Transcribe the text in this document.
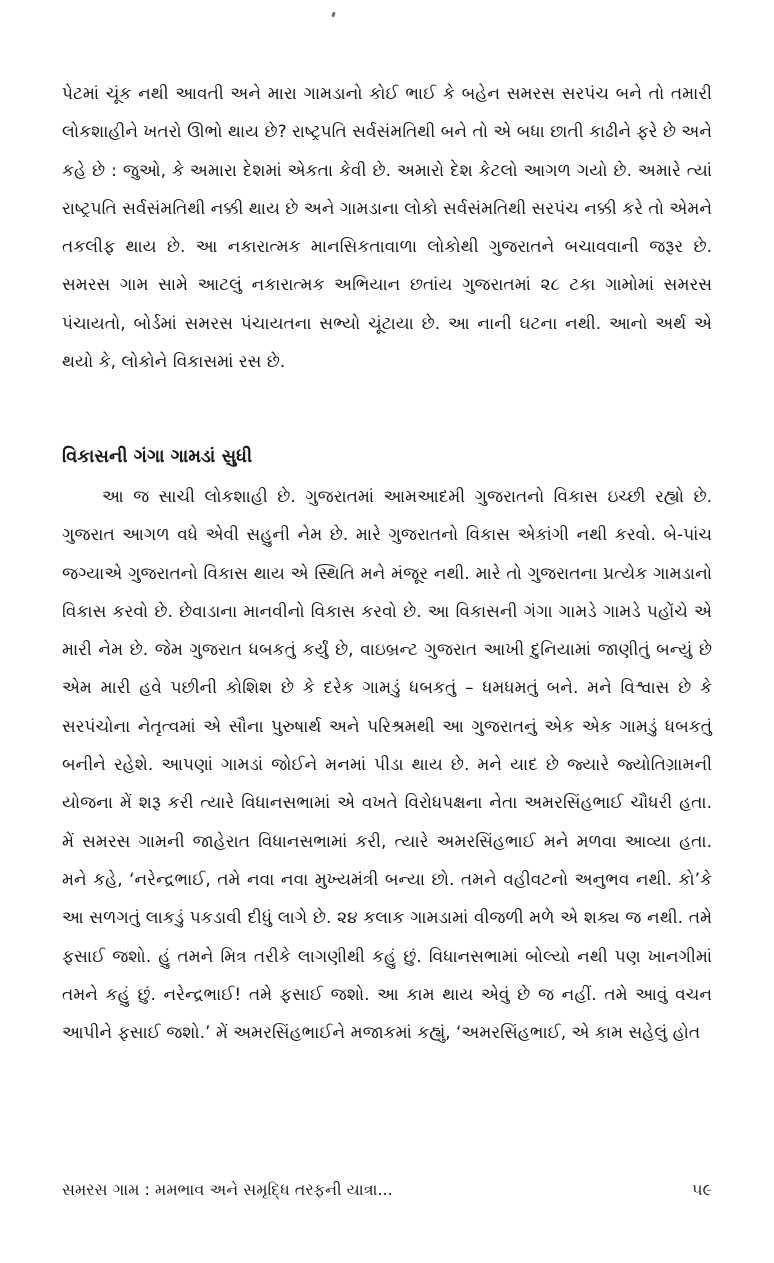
પેટમાં ચૂંક નથી આવતી અને મારા ગામડાનો કોઈ ભાઈ કે બહેન સમરસ સરપંચ બને તો તમારી લોકશાહીને ખતરો ઊભો થાય છે? રાષ્ટ્રપતિ સર્વસંમતિથી બને તો એ બધા છાતી કાઢીને ફરે છે અને કહે છે : જુઓ, કે અમારા દેશમાં એકતા કેવી છે. અમારો દેશ કેટલો આગળ ગયો છે. અમારે ત્યાં રાષ્ટ્રપતિ સર્વસંમતિથી નક્કી થાય છે અને ગામડાના લોકો સર્વસંમતિથી સરપંચ નક્કી કરે તો એમને તકલીફ થાય છે. આ નકારાત્મક માનસિકતાવાળા લોકોથી ગુજરાતને બચાવવાની જરૂર છે. સમરસ ગામ સામે આટલું નકારાત્મક અભિયાન છતાંય ગુજરાતમાં ૨૮ ટકા ગામોમાં સમરસ પંચાયતો, બોર્ડમાં સમરસ પંચાયતના સભ્યો ચૂંટાયા છે. આ નાની ઘટના નથી. આનો અર્થ એ થયો કે, લોકોને વિકાસમાં રસ છે.

વિકાસની ગંગા ગામડાં સુધી

આ જ સાચી લોકશાહી છે. ગુજરાતમાં આમઆદમી ગુજરાતનો વિકાસ ઇચ્છી રહ્યો છે. ગુજરાત આગળ વધે એવી સહુની નેમ છે. મારે ગુજરાતનો વિકાસ એકાંગી નથી કરવો. બે-પાંચ જગ્યાએ ગુજરાતનો વિકાસ થાય એ સ્થિતિ મને મંજૂર નથી. મારે તો ગુજરાતના પ્રત્યેક ગામડાનો વિકાસ કરવો છે. છેવાડાના માનવીનો વિકાસ કરવો છે. આ વિકાસની ગંગા ગામડે ગામડે પહોંચે એ મારી નેમ છે. જેમ ગુજરાત ધબકતું કર્યું છે, વાઇબ્રન્ટ ગુજરાત આખી દુનિયામાં જાણીતું બન્યું છે એમ મારી હવે પછીની કોશિશ છે કે દરેક ગામડું ધબકતું – ધમધમતું બને. મને વિશ્વાસ છે કે સરપંચોના નેતૃત્વમાં એ સૌના પુરુષાર્થ અને પરિશ્રમથી આ ગુજરાતનું એક એક ગામડું ધબકતું બનીને રહેશે. આપણાં ગામડાં જોઈને મનમાં પીડા થાય છે. મને યાદ છે જ્યારે જ્યોતિગ્રામની યોજના મેં શરૂ કરી ત્યારે વિધાનસભામાં એ વખતે વિરોધપક્ષના નેતા અમરસિંહભાઈ ચૌધરી હતા. મેં સમરસ ગામની જાહેરાત વિધાનસભામાં કરી, ત્યારે અમરસિંહભાઈ મને મળવા આવ્યા હતા. મને કહે, ‘નરેન્દ્રભાઈ, તમે નવા નવા મુખ્યમંત્રી બન્યા છો. તમને વહીવટનો અનુભવ નથી. કો’કે આ સળગતું લાકડું પકડાવી દીધું લાગે છે. ૨૪ કલાક ગામડામાં વીજળી મળે એ શક્ય જ નથી. તમે ફસાઈ જશો. હું તમને મિત્ર તરીકે લાગણીથી કહું છું. વિધાનસભામાં બોલ્યો નથી પણ ખાનગીમાં તમને કહું છું. નરેન્દ્રભાઈ! તમે ફસાઈ જશો. આ કામ થાય એવું છે જ નહીં. તમે આવું વચન આપીને ફસાઈ જશો.’ મેં અમરસિંહભાઈને મજાકમાં કહ્યું, ‘અમરસિંહભાઈ, એ કામ સહેલું હોત

સમરસ ગામ : મમભાવ અને સમૃદ્ધિ તરફની યાત્રા...	૫૯
